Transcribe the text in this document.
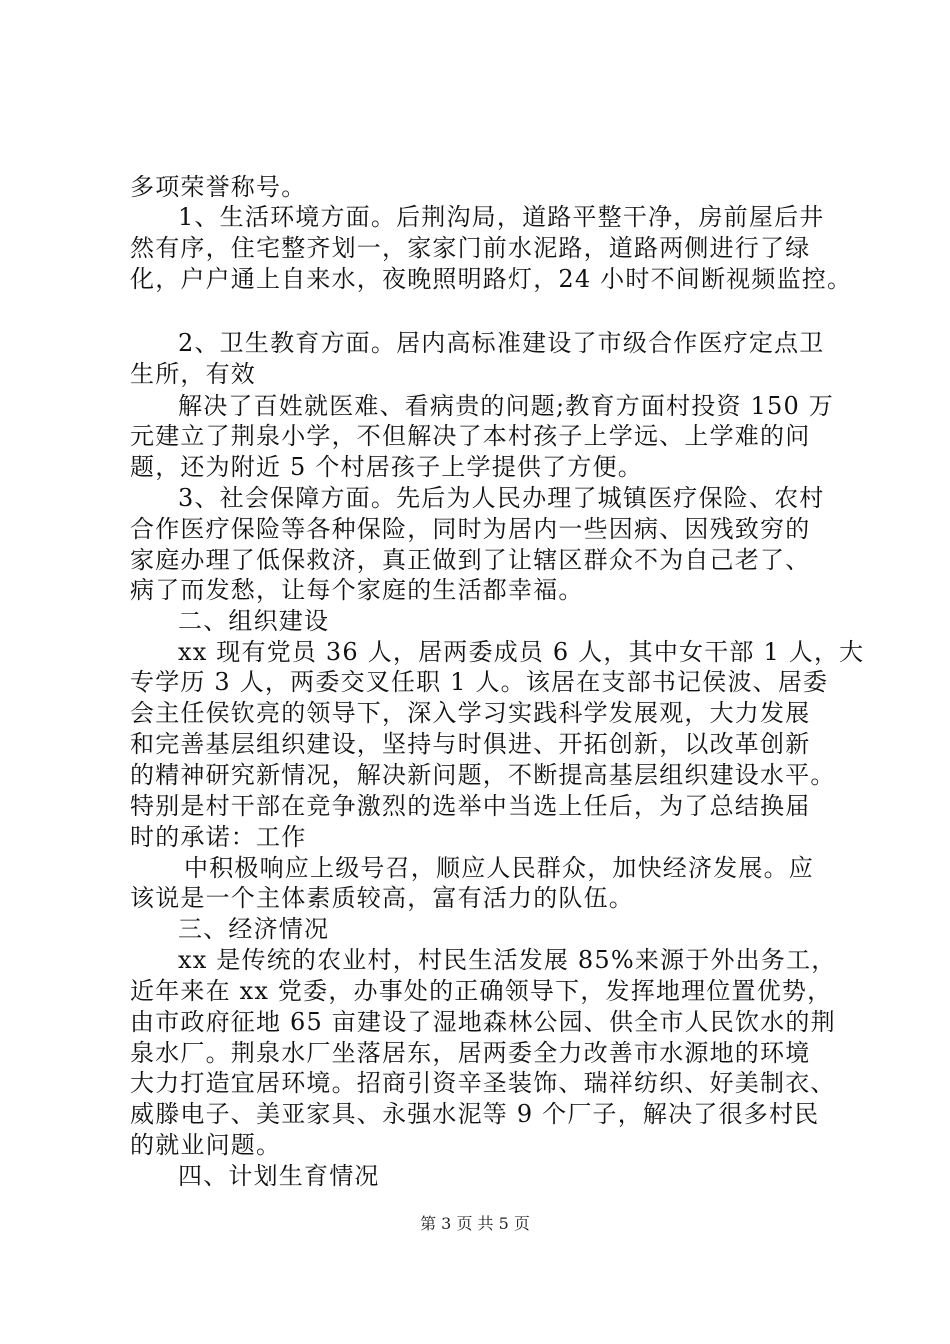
多项荣誉称号。
1、生活环境方面。后荆沟局，道路平整干净，房前屋后井
然有序，住宅整齐划一，家家门前水泥路，道路两侧进行了绿
化，户户通上自来水，夜晚照明路灯，24 小时不间断视频监控。
2、卫生教育方面。居内高标准建设了市级合作医疗定点卫
生所，有效
解决了百姓就医难、看病贵的问题;教育方面村投资 150 万
元建立了荆泉小学，不但解决了本村孩子上学远、上学难的问
题，还为附近 5 个村居孩子上学提供了方便。
3、社会保障方面。先后为人民办理了城镇医疗保险、农村
合作医疗保险等各种保险，同时为居内一些因病、因残致穷的
家庭办理了低保救济，真正做到了让辖区群众不为自己老了、
病了而发愁，让每个家庭的生活都幸福。
二、组织建设
xx 现有党员 36 人，居两委成员 6 人，其中女干部 1 人，大
专学历 3 人，两委交叉任职 1 人。该居在支部书记侯波、居委
会主任侯钦亮的领导下，深入学习实践科学发展观，大力发展
和完善基层组织建设，坚持与时俱进、开拓创新，以改革创新
的精神研究新情况，解决新问题，不断提高基层组织建设水平。
特别是村干部在竞争激烈的选举中当选上任后，为了总结换届
时的承诺：工作
中积极响应上级号召，顺应人民群众，加快经济发展。应
该说是一个主体素质较高，富有活力的队伍。
三、经济情况
xx 是传统的农业村，村民生活发展 85%来源于外出务工，
近年来在 xx 党委，办事处的正确领导下，发挥地理位置优势，
由市政府征地 65 亩建设了湿地森林公园、供全市人民饮水的荆
泉水厂。荆泉水厂坐落居东，居两委全力改善市水源地的环境
大力打造宜居环境。招商引资辛圣装饰、瑞祥纺织、好美制衣、
威滕电子、美亚家具、永强水泥等 9 个厂子，解决了很多村民
的就业问题。
四、计划生育情况
第 3 页 共 5 页
